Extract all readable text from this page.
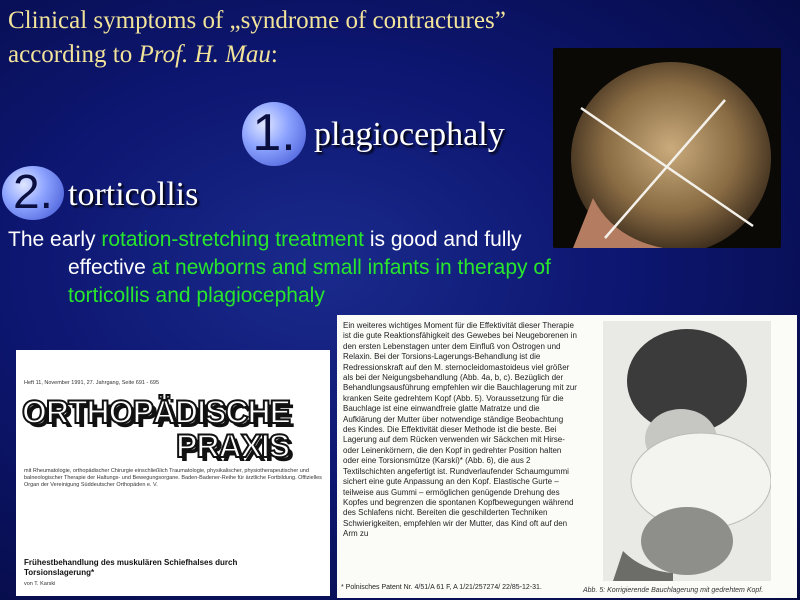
Clinical symptoms of „syndrome of contractures”
according to Prof. H. Mau:
1. plagiocephaly
2. torticollis
The early rotation-stretching treatment is good and fully
effective at newborns and small infants in therapy of
torticollis and plagiocephaly
Ein weiteres wichtiges Moment für die Effektivität dieser Therapie ist die gute Reaktionsfähigkeit des Gewebes bei Neugeborenen in den ersten Lebenstagen unter dem Einfluß von Östrogen und Relaxin. Bei der Torsions-Lagerungs-Behandlung ist die Redressionskraft auf den M. sternocleidomastoideus viel größer als bei der Neigungsbehandlung (Abb. 4a, b, c). Bezüglich der Behandlungsausführung empfehlen wir die Bauchlagerung mit zur kranken Seite gedrehtem Kopf (Abb. 5). Voraussetzung für die Bauchlage ist eine einwandfreie glatte Matratze und die Aufklärung der Mutter über notwendige ständige Beobachtung des Kindes. Die Effektivität dieser Methode ist die beste. Bei Lagerung auf dem Rücken verwenden wir Säckchen mit Hirse- oder Leinenkörnern, die den Kopf in gedrehter Position halten oder eine Torsionsmütze (Karski)* (Abb. 6), die aus 2 Textilschichten angefertigt ist. Rundverlaufender Schaumgummi sichert eine gute Anpassung an den Kopf. Elastische Gurte – teilweise aus Gummi – ermöglichen genügende Drehung des Kopfes und begrenzen die spontanen Kopfbewegungen während des Schlafens nicht. Bereiten die geschilderten Techniken Schwierigkeiten, empfehlen wir der Mutter, das Kind oft auf den Arm zu
* Polnisches Patent Nr. 4/51/A 61 F, A 1/21/257274/ 22/85-12-31.	Abb. 5: Korrigierende Bauchlagerung mit gedrehtem Kopf.
Heft 11, November 1991, 27. Jahrgang, Seite 691 - 695
ORTHOPÄDISCHE
PRAXIS
mit Rheumatologie, orthopädischer Chirurgie einschließlich Traumatologie, physikalischer, physiotherapeutischer und balneologischer Therapie der Haltungs- und Bewegungsorgane. Baden-Badener-Reihe für ärztliche Fortbildung. Offizielles Organ der Vereinigung Süddeutscher Orthopäden e. V.
Frühestbehandlung des muskulären Schiefhalses durch Torsionslagerung*
von T. Karski
